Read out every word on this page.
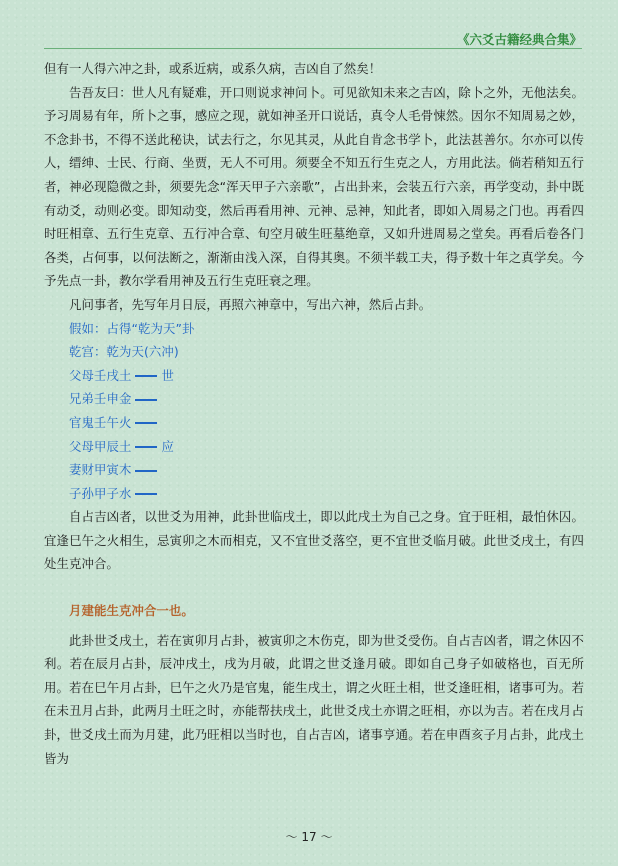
《六爻古籍经典合集》

但有一人得六冲之卦，或系近病，或系久病，吉凶自了然矣！

告吾友曰：世人凡有疑难，开口则说求神问卜。可见欲知未来之吉凶，除卜之外，无他法矣。予习周易有年，所卜之事，感应之现，就如神圣开口说话，真令人毛骨悚然。因尔不知周易之妙，不念卦书，不得不送此秘诀，试去行之，尔见其灵，从此自肯念书学卜，此法甚善尔。尔亦可以传人，缙绅、士民、行商、坐贾，无人不可用。须要全不知五行生克之人，方用此法。倘若稍知五行者，神必现隐微之卦，须要先念“浑天甲子六亲歌”，占出卦来，会装五行六亲，再学变动，卦中既有动爻，动则必变。即知动变，然后再看用神、元神、忌神，知此者，即如入周易之门也。再看四时旺相章、五行生克章、五行冲合章、旬空月破生旺墓绝章，又如升进周易之堂矣。再看后卷各门各类，占何事，以何法断之，渐渐由浅入深，自得其奥。不须半载工夫，得予数十年之真学矣。今予先点一卦，教尔学看用神及五行生克旺衰之理。

凡问事者，先写年月日辰，再照六神章中，写出六神，然后占卦。

假如：占得“乾为天”卦
乾宫：乾为天(六冲)
父母壬戌土 世
兄弟壬申金
官鬼壬午火
父母甲辰土 应
妻财甲寅木
子孙甲子水

自占吉凶者，以世爻为用神，此卦世临戌土，即以此戌土为自己之身。宜于旺相，最怕休囚。宜逢巳午之火相生，忌寅卯之木而相克，又不宜世爻落空，更不宜世爻临月破。此世爻戌土，有四处生克冲合。

月建能生克冲合一也。

此卦世爻戌土，若在寅卯月占卦，被寅卯之木伤克，即为世爻受伤。自占吉凶者，谓之休囚不利。若在辰月占卦，辰冲戌土，戌为月破，此谓之世爻逢月破。即如自己身子如破格也，百无所用。若在巳午月占卦，巳午之火乃是官鬼，能生戌土，谓之火旺土相，世爻逢旺相，诸事可为。若在未丑月占卦，此两月土旺之时，亦能帮扶戌土，此世爻戌土亦谓之旺相，亦以为吉。若在戌月占卦，世爻戌土而为月建，此乃旺相以当时也，自占吉凶，诸事亨通。若在申酉亥子月占卦，此戌土皆为

～ 17 ～
